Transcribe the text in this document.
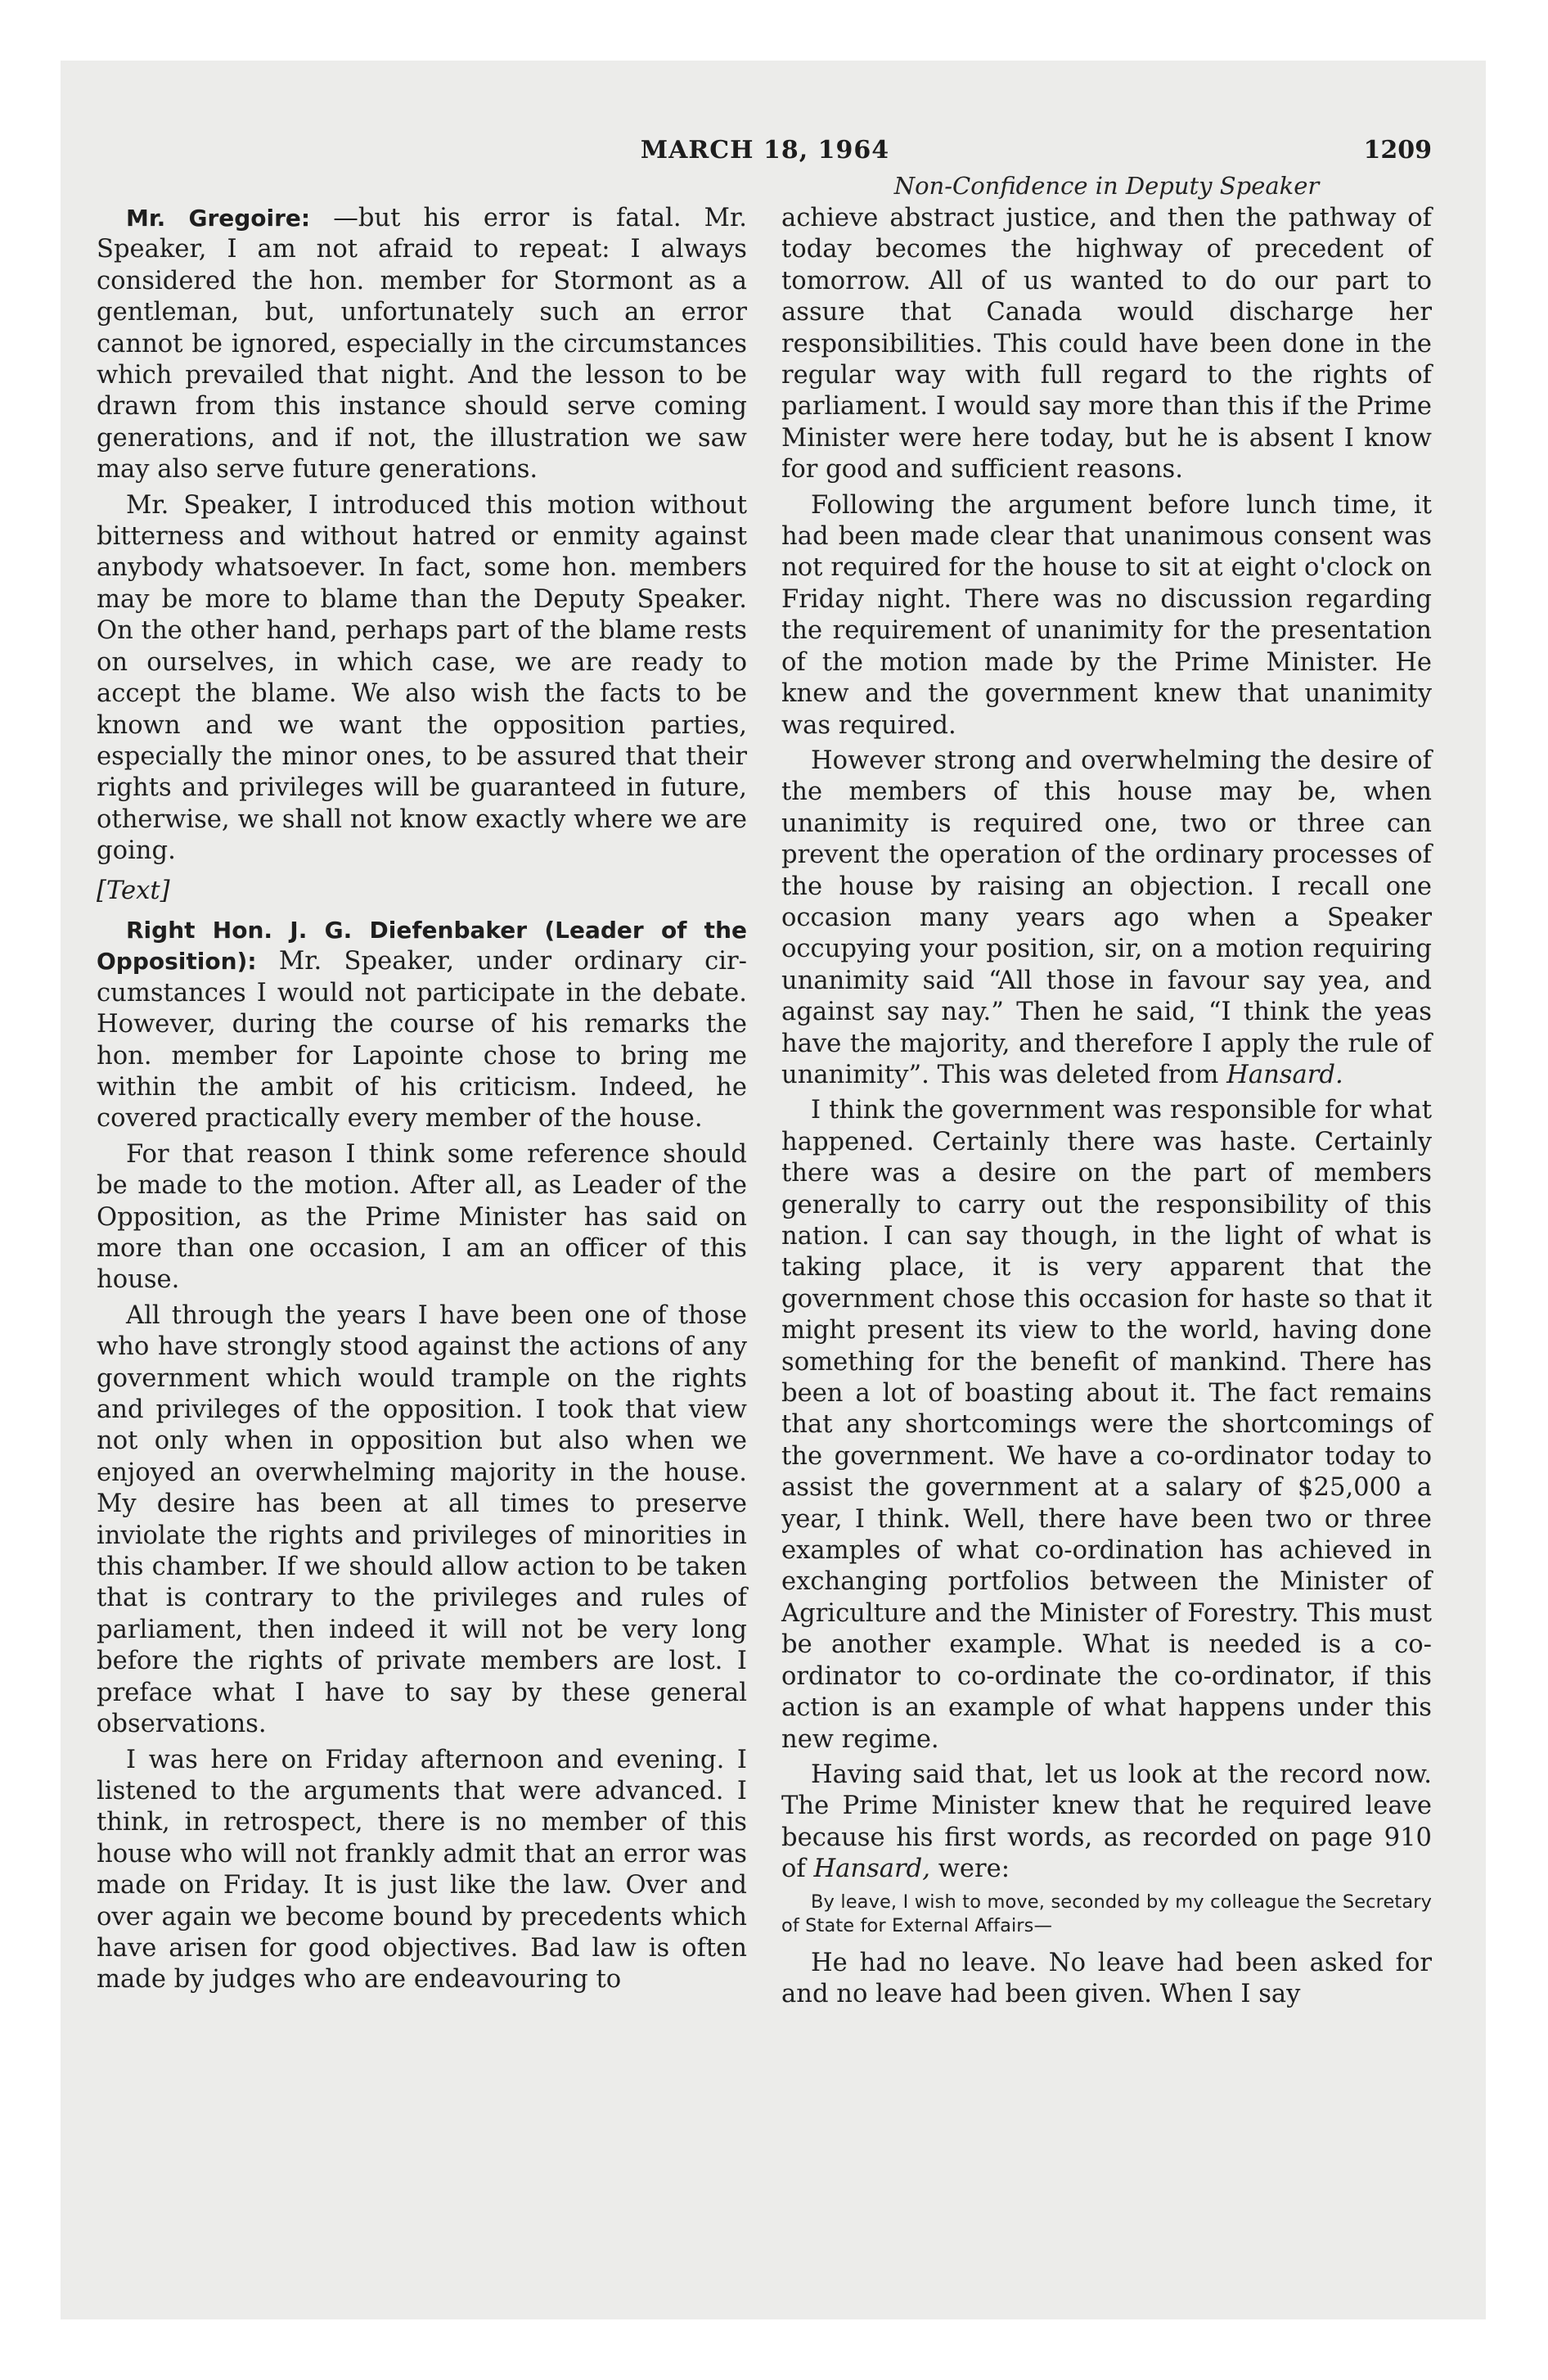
MARCH 18, 1964	1209
Non-Confidence in Deputy Speaker

Mr. Gregoire: —but his error is fatal. Mr. Speaker, I am not afraid to repeat: I always considered the hon. member for Stormont as a gentleman, but, unfortunately such an error cannot be ignored, especially in the circumstances which prevailed that night. And the lesson to be drawn from this instance should serve coming generations, and if not, the illustration we saw may also serve future generations.

Mr. Speaker, I introduced this motion without bitterness and without hatred or enmity against anybody whatsoever. In fact, some hon. members may be more to blame than the Deputy Speaker. On the other hand, perhaps part of the blame rests on ourselves, in which case, we are ready to accept the blame. We also wish the facts to be known and we want the opposition parties, especially the minor ones, to be assured that their rights and privileges will be guaranteed in future, otherwise, we shall not know exactly where we are going.

[Text]

Right Hon. J. G. Diefenbaker (Leader of the Opposition): Mr. Speaker, under ordinary circumstances I would not participate in the debate. However, during the course of his remarks the hon. member for Lapointe chose to bring me within the ambit of his criticism. Indeed, he covered practically every member of the house.

For that reason I think some reference should be made to the motion. After all, as Leader of the Opposition, as the Prime Minister has said on more than one occasion, I am an officer of this house.

All through the years I have been one of those who have strongly stood against the actions of any government which would trample on the rights and privileges of the opposition. I took that view not only when in opposition but also when we enjoyed an overwhelming majority in the house. My desire has been at all times to preserve inviolate the rights and privileges of minorities in this chamber. If we should allow action to be taken that is contrary to the privileges and rules of parliament, then indeed it will not be very long before the rights of private members are lost. I preface what I have to say by these general observations.

I was here on Friday afternoon and evening. I listened to the arguments that were advanced. I think, in retrospect, there is no member of this house who will not frankly admit that an error was made on Friday. It is just like the law. Over and over again we become bound by precedents which have arisen for good objectives. Bad law is often made by judges who are endeavouring to

achieve abstract justice, and then the pathway of today becomes the highway of precedent of tomorrow. All of us wanted to do our part to assure that Canada would discharge her responsibilities. This could have been done in the regular way with full regard to the rights of parliament. I would say more than this if the Prime Minister were here today, but he is absent I know for good and sufficient reasons.

Following the argument before lunch time, it had been made clear that unanimous consent was not required for the house to sit at eight o'clock on Friday night. There was no discussion regarding the requirement of unanimity for the presentation of the motion made by the Prime Minister. He knew and the government knew that unanimity was required.

However strong and overwhelming the desire of the members of this house may be, when unanimity is required one, two or three can prevent the operation of the ordinary processes of the house by raising an objection. I recall one occasion many years ago when a Speaker occupying your position, sir, on a motion requiring unanimity said “All those in favour say yea, and against say nay.” Then he said, “I think the yeas have the majority, and therefore I apply the rule of unanimity”. This was deleted from Hansard.

I think the government was responsible for what happened. Certainly there was haste. Certainly there was a desire on the part of members generally to carry out the responsibility of this nation. I can say though, in the light of what is taking place, it is very apparent that the government chose this occasion for haste so that it might present its view to the world, having done something for the benefit of mankind. There has been a lot of boasting about it. The fact remains that any shortcomings were the shortcomings of the government. We have a co-ordinator today to assist the government at a salary of $25,000 a year, I think. Well, there have been two or three examples of what co-ordination has achieved in exchanging portfolios between the Minister of Agriculture and the Minister of Forestry. This must be another example. What is needed is a coordinator to co-ordinate the co-ordinator, if this action is an example of what happens under this new regime.

Having said that, let us look at the record now. The Prime Minister knew that he required leave because his first words, as recorded on page 910 of Hansard, were:

By leave, I wish to move, seconded by my colleague the Secretary of State for External Affairs—

He had no leave. No leave had been asked for and no leave had been given. When I say
